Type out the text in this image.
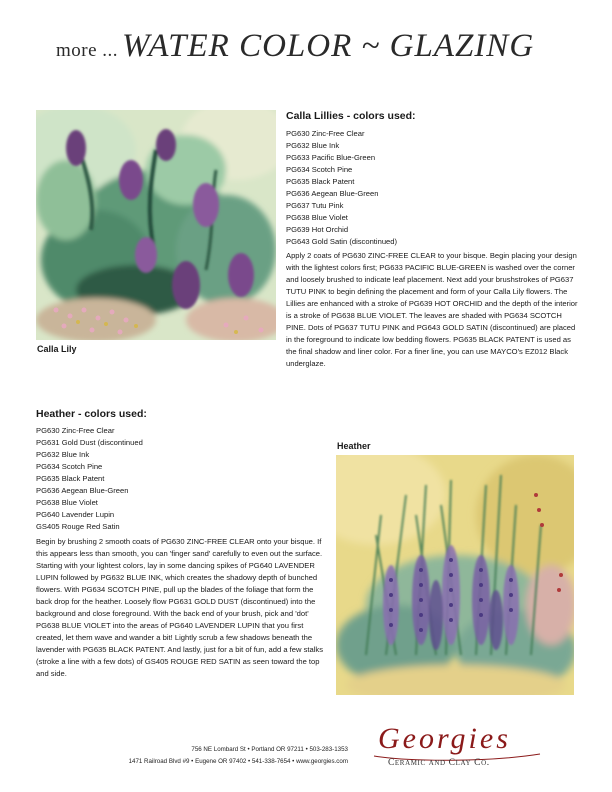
more ... WATER COLOR ~ GLAZING
Calla Lily
Calla Lillies - colors used:
PG630 Zinc-Free Clear
PG632 Blue Ink
PG633 Pacific Blue-Green
PG634 Scotch Pine
PG635 Black Patent
PG636 Aegean Blue-Green
PG637 Tutu Pink
PG638 Blue Violet
PG639 Hot Orchid
PG643 Gold Satin (discontinued)

Apply 2 coats of PG630 ZINC-FREE CLEAR to your bisque. Begin placing your design with the lightest colors first; PG633 PACIFIC BLUE-GREEN is washed over the corner and loosely brushed to indicate leaf placement. Next add your brushstrokes of PG637 TUTU PINK to begin defining the placement and form of your Calla Lily flowers. The Lillies are enhanced with a stroke of PG639 HOT ORCHID and the depth of the interior is a stroke of PG638 BLUE VIOLET. The leaves are shaded with PG634 SCOTCH PINE. Dots of PG637 TUTU PINK and PG643 GOLD SATIN (discontinued) are placed in the foreground to indicate low bedding flowers. PG635 BLACK PATENT is used as the final shadow and liner color. For a finer line, you can use MAYCO's EZ012 Black underglaze.

Heather - colors used:
PG630 Zinc-Free Clear
PG631 Gold Dust (discontinued
PG632 Blue Ink
PG634 Scotch Pine
PG635 Black Patent
PG636 Aegean Blue-Green
PG638 Blue Violet
PG640 Lavender Lupin
GS405 Rouge Red Satin

Begin by brushing 2 smooth coats of PG630 ZINC-FREE CLEAR onto your bisque. If this appears less than smooth, you can 'finger sand' carefully to even out the surface. Starting with your lightest colors, lay in some dancing spikes of PG640 LAVENDER LUPIN followed by PG632 BLUE INK, which creates the shadowy depth of bunched flowers. With PG634 SCOTCH PINE, pull up the blades of the foliage that form the back drop for the heather. Loosely flow PG631 GOLD DUST (discontinued) into the background and close foreground. With the back end of your brush, pick and 'dot' PG638 BLUE VIOLET into the areas of PG640 LAVENDER LUPIN that you first created, let them wave and wander a bit! Lightly scrub a few shadows beneath the lavender with PG635 BLACK PATENT. And lastly, just for a bit of fun, add a few stalks (stroke a line with a few dots) of GS405 ROUGE RED SATIN as seen toward the top and side.

Heather
756 NE Lombard St • Portland OR 97211 • 503-283-1353
1471 Railroad Blvd #9 • Eugene OR 97402 • 541-338-7654 • www.georgies.com
Georgies
Ceramic and Clay Co.
